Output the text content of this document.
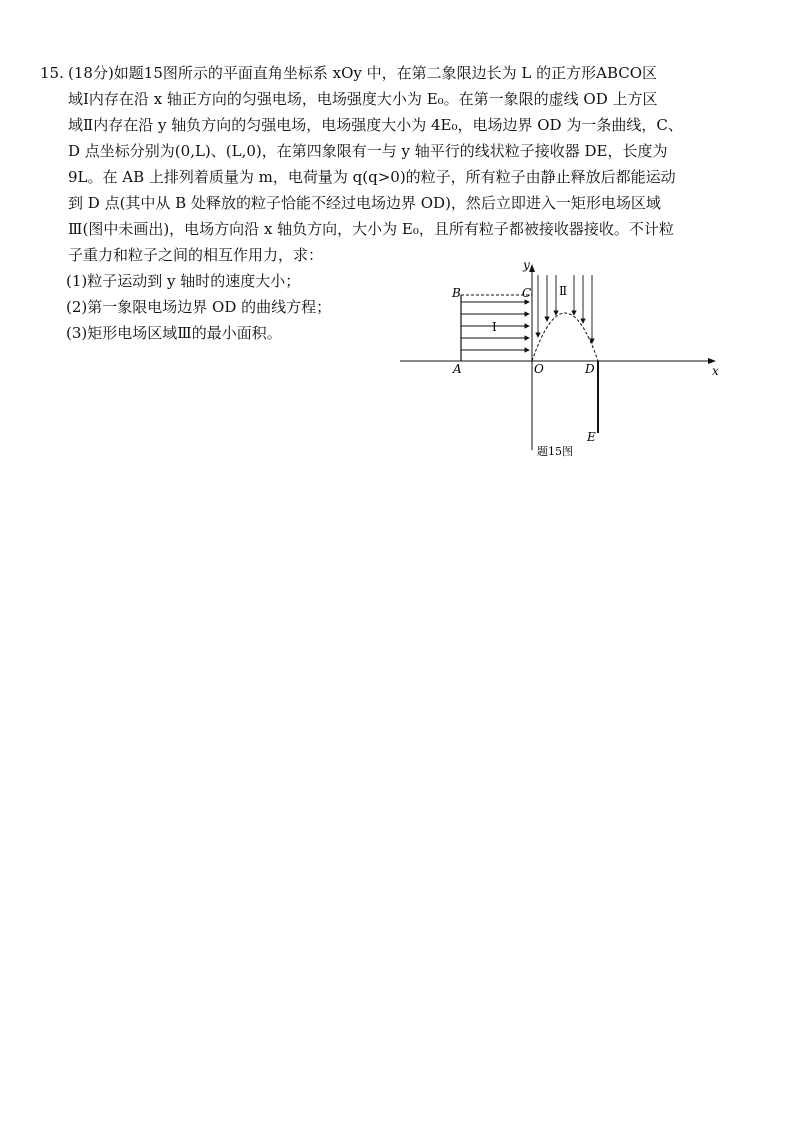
15. (18分)如题15图所示的平面直角坐标系 xOy 中，在第二象限边长为 L 的正方形ABCO区
域Ⅰ内存在沿 x 轴正方向的匀强电场，电场强度大小为 E₀。在第一象限的虚线 OD 上方区
域Ⅱ内存在沿 y 轴负方向的匀强电场，电场强度大小为 4E₀，电场边界 OD 为一条曲线，C、
D 点坐标分别为(0,L)、(L,0)，在第四象限有一与 y 轴平行的线状粒子接收器 DE，长度为
9L。在 AB 上排列着质量为 m，电荷量为 q(q>0)的粒子，所有粒子由静止释放后都能运动
到 D 点(其中从 B 处释放的粒子恰能不经过电场边界 OD)，然后立即进入一矩形电场区域
Ⅲ(图中未画出)，电场方向沿 x 轴负方向，大小为 E₀，且所有粒子都被接收器接收。不计粒
子重力和粒子之间的相互作用力，求：
(1)粒子运动到 y 轴时的速度大小；
(2)第一象限电场边界 OD 的曲线方程；
(3)矩形电场区域Ⅲ的最小面积。
y
x
B	C
A	O	D
E
Ⅰ
Ⅱ
题15图
